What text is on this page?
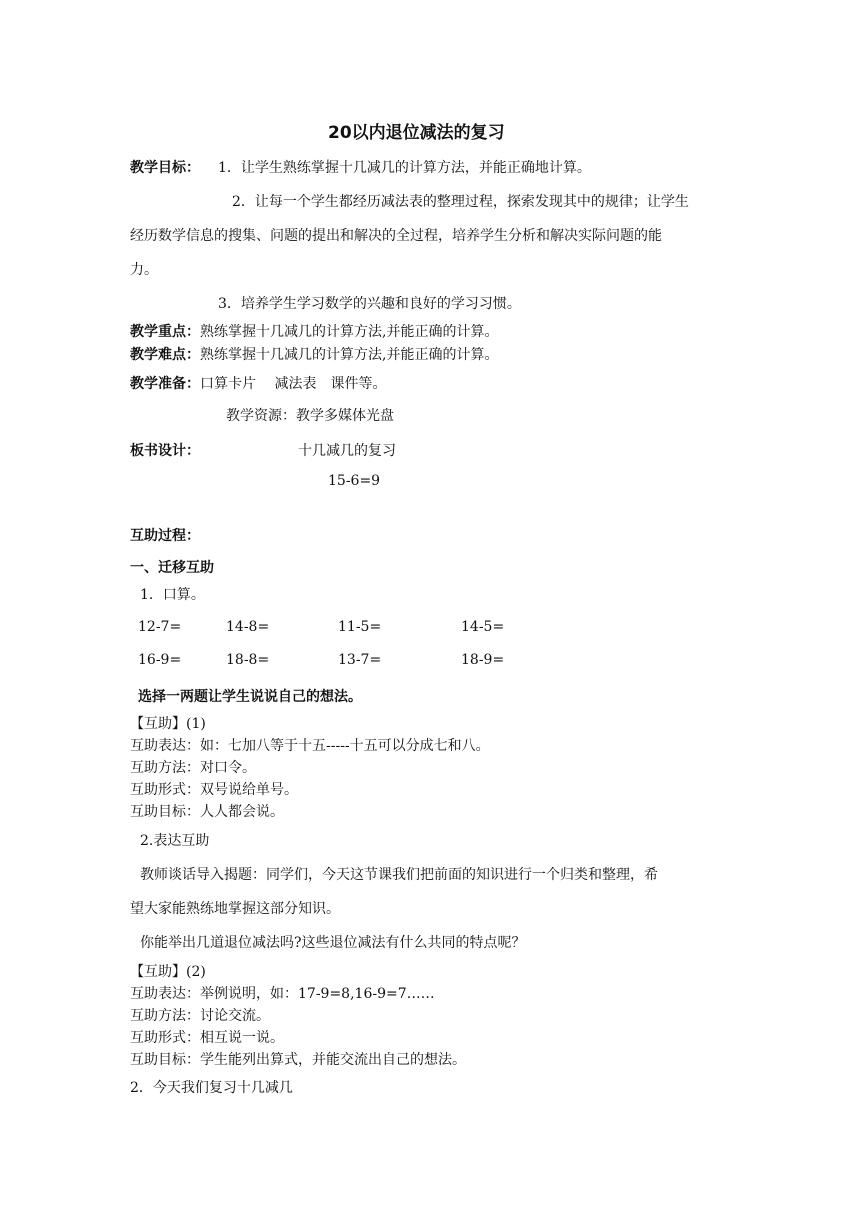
20以内退位减法的复习
教学目标： 1．让学生熟练掌握十几减几的计算方法，并能正确地计算。
2．让每一个学生都经历减法表的整理过程，探索发现其中的规律；让学生
经历数学信息的搜集、问题的提出和解决的全过程，培养学生分析和解决实际问题的能
力。
3．培养学生学习数学的兴趣和良好的学习习惯。
教学重点：熟练掌握十几减几的计算方法,并能正确的计算。
教学难点：熟练掌握十几减几的计算方法,并能正确的计算。
教学准备：口算卡片　 减法表　课件等。
教学资源：教学多媒体光盘
板书设计：	十几减几的复习
15-6=9
互助过程：
一、迁移互助
1．口算。
12-7=	14-8=	11-5=	14-5=
16-9=	18-8=	13-7=	18-9=
选择一两题让学生说说自己的想法。
【互助】(1)
互助表达：如：七加八等于十五-----十五可以分成七和八。
互助方法：对口令。
互助形式：双号说给单号。
互助目标：人人都会说。
2.表达互助
教师谈话导入揭题：同学们，今天这节课我们把前面的知识进行一个归类和整理，希
望大家能熟练地掌握这部分知识。
你能举出几道退位减法吗?这些退位减法有什么共同的特点呢？
【互助】(2)
互助表达：举例说明，如：17-9=8,16-9=7……
互助方法：讨论交流。
互助形式：相互说一说。
互助目标：学生能列出算式，并能交流出自己的想法。
2．今天我们复习十几减几
